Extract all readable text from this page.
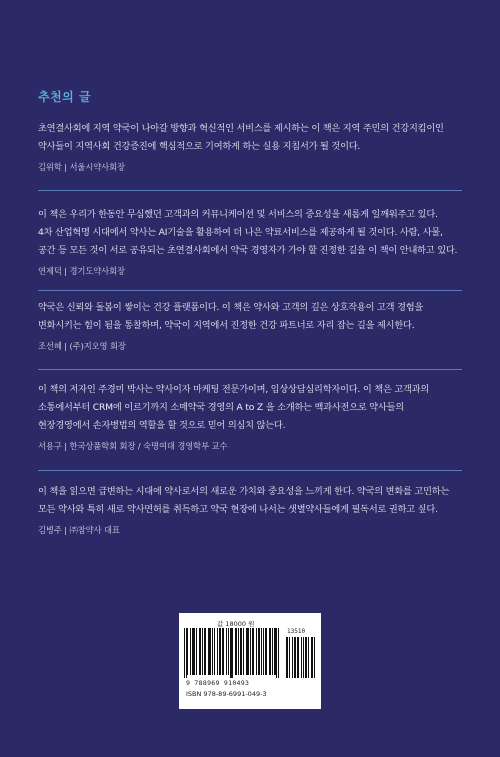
추천의 글
초연결사회에 지역 약국이 나아갈 방향과 혁신적인 서비스를 제시하는 이 책은 지역 주민의 건강지킴이인
약사들이 지역사회 건강증진에 핵심적으로 기여하게 하는 실용 지침서가 될 것이다.
김위학 | 서울시약사회장
이 책은 우리가 한동안 무심했던 고객과의 커뮤니케이션 및 서비스의 중요성을 새롭게 일깨워주고 있다.
4차 산업혁명 시대에서 약사는 AI기술을 활용하여 더 나은 약료서비스를 제공하게 될 것이다. 사람, 사물,
공간 등 모든 것이 서로 공유되는 초연결사회에서 약국 경영자가 가야 할 진정한 길을 이 책이 안내하고 있다.
연제덕 | 경기도약사회장
약국은 신뢰와 돌봄이 쌓이는 건강 플랫폼이다. 이 책은 약사와 고객의 깊은 상호작용이 고객 경험을
변화시키는 힘이 됨을 통찰하며, 약국이 지역에서 진정한 건강 파트너로 자리 잡는 길을 제시한다.
조선혜 | (주)지오영 회장
이 책의 저자인 주경미 박사는 약사이자 마케팅 전문가이며, 임상상담심리학자이다. 이 책은 고객과의
소통에서부터 CRM에 이르기까지 소매약국 경영의 A to Z 을 소개하는 백과사전으로 약사들의
현장경영에서 손자병법의 역할을 할 것으로 믿어 의심치 않는다.
서용구 | 한국상품학회 회장 / 숙명여대 경영학부 교수
이 책을 읽으면 급변하는 시대에 약사로서의 새로운 가치와 중요성을 느끼게 한다. 약국의 변화를 고민하는
모든 약사와 특히 새로 약사면허를 취득하고 약국 현장에 나서는 샛별약사들에게 필독서로 권하고 싶다.
김병주 | ㈜참약사 대표
값 18000 원
13510
9 788969 910493
ISBN 978-89-6991-049-3
